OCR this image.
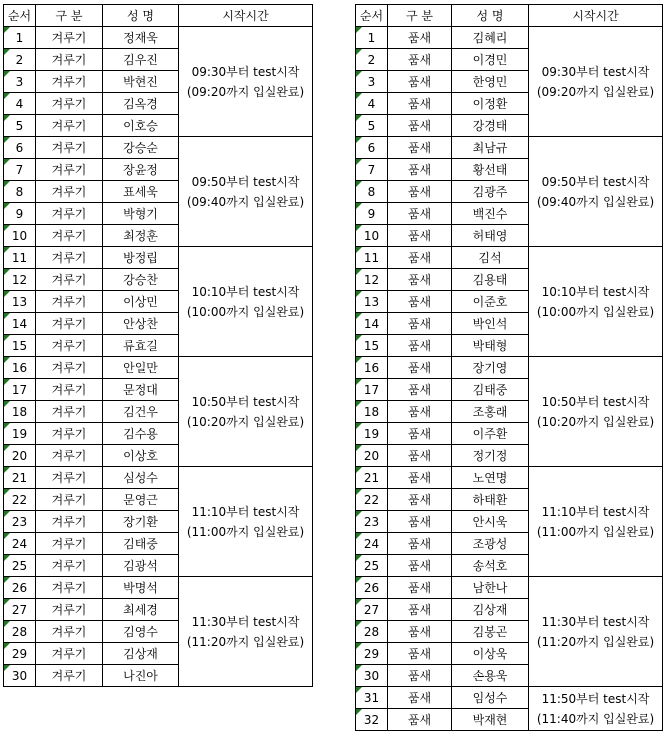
순서	구 분	성 명	시작시간
1	겨루기	정재욱	09:30부터 test시작
(09:20까지 입실완료)

2	겨루기	김우진	
3	겨루기	박현진	
4	겨루기	김옥경	
5	겨루기	이호승	
6	겨루기	강승순	09:50부터 test시작
(09:40까지 입실완료)

7	겨루기	장윤정	
8	겨루기	표세욱	
9	겨루기	박형기	
10	겨루기	최정훈	
11	겨루기	방정립	10:10부터 test시작
(10:00까지 입실완료)

12	겨루기	강승찬	
13	겨루기	이상민	
14	겨루기	안상찬	
15	겨루기	류효길	
16	겨루기	안일만	10:50부터 test시작
(10:20까지 입실완료)

17	겨루기	문정대	
18	겨루기	김건우	
19	겨루기	김수용	
20	겨루기	이상호	
21	겨루기	심성수	11:10부터 test시작
(11:00까지 입실완료)

22	겨루기	문영근	
23	겨루기	장기환	
24	겨루기	김태중	
25	겨루기	김광석	
26	겨루기	박명석	11:30부터 test시작
(11:20까지 입실완료)

27	겨루기	최세경	
28	겨루기	김영수	
29	겨루기	김상재	
30	겨루기	나진아	
순서	구 분	성 명	시작시간
1	품새	김혜리	09:30부터 test시작
(09:20까지 입실완료)

2	품새	이경민	
3	품새	한영민	
4	품새	이정환	
5	품새	강경태	
6	품새	최남규	09:50부터 test시작
(09:40까지 입실완료)

7	품새	황선태	
8	품새	김광주	
9	품새	백진수	
10	품새	허태영	
11	품새	김석	10:10부터 test시작
(10:00까지 입실완료)

12	품새	김용태	
13	품새	이준호	
14	품새	박인석	
15	품새	박태형	
16	품새	장기영	10:50부터 test시작
(10:20까지 입실완료)

17	품새	김태중	
18	품새	조홍래	
19	품새	이주환	
20	품새	정기정	
21	품새	노연명	11:10부터 test시작
(11:00까지 입실완료)

22	품새	하태환	
23	품새	안시욱	
24	품새	조광성	
25	품새	송석호	
26	품새	남한나	11:30부터 test시작
(11:20까지 입실완료)

27	품새	김상재	
28	품새	김봉곤	
29	품새	이상욱	
30	품새	손용욱	
31	품새	임성수	11:50부터 test시작
(11:40까지 입실완료)

32	품새	박재현	
